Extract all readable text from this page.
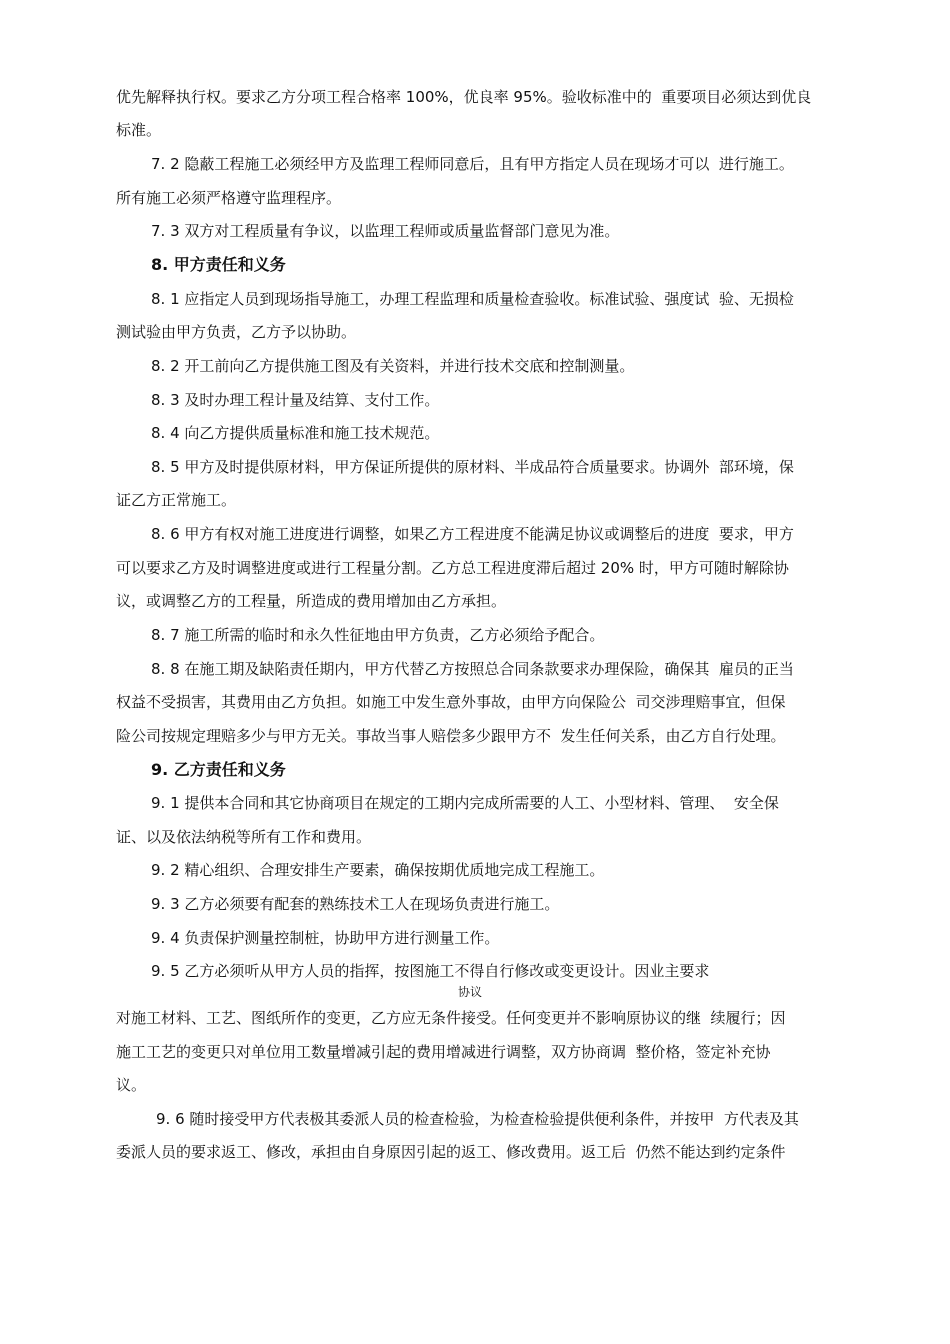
优先解释执行权。要求乙方分项工程合格率 100%，优良率 95%。验收标准中的  重要项目必须达到优良
标准。
7. 2 隐蔽工程施工必须经甲方及监理工程师同意后，且有甲方指定人员在现场才可以  进行施工。
所有施工必须严格遵守监理程序。
7. 3 双方对工程质量有争议，以监理工程师或质量监督部门意见为准。
8. 甲方责任和义务
8. 1 应指定人员到现场指导施工，办理工程监理和质量检查验收。标准试验、强度试  验、无损检
测试验由甲方负责，乙方予以协助。
8. 2 开工前向乙方提供施工图及有关资料，并进行技术交底和控制测量。
8. 3 及时办理工程计量及结算、支付工作。
8. 4 向乙方提供质量标准和施工技术规范。
8. 5 甲方及时提供原材料，甲方保证所提供的原材料、半成品符合质量要求。协调外  部环境，保
证乙方正常施工。
8. 6 甲方有权对施工进度进行调整，如果乙方工程进度不能满足协议或调整后的进度  要求，甲方
可以要求乙方及时调整进度或进行工程量分割。乙方总工程进度滞后超过 20% 时，甲方可随时解除协
议，或调整乙方的工程量，所造成的费用增加由乙方承担。
8. 7 施工所需的临时和永久性征地由甲方负责，乙方必须给予配合。
8. 8 在施工期及缺陷责任期内，甲方代替乙方按照总合同条款要求办理保险，确保其  雇员的正当
权益不受损害，其费用由乙方负担。如施工中发生意外事故，由甲方向保险公  司交涉理赔事宜，但保
险公司按规定理赔多少与甲方无关。事故当事人赔偿多少跟甲方不  发生任何关系，由乙方自行处理。
9. 乙方责任和义务
9. 1 提供本合同和其它协商项目在规定的工期内完成所需要的人工、小型材料、管理、  安全保
证、以及依法纳税等所有工作和费用。
9. 2 精心组织、合理安排生产要素，确保按期优质地完成工程施工。
9. 3 乙方必须要有配套的熟练技术工人在现场负责进行施工。
9. 4 负责保护测量控制桩，协助甲方进行测量工作。
9. 5 乙方必须听从甲方人员的指挥，按图施工不得自行修改或变更设计。因业主要求
协议
对施工材料、工艺、图纸所作的变更，乙方应无条件接受。任何变更并不影响原协议的继  续履行；因
施工工艺的变更只对单位用工数量增减引起的费用增减进行调整，双方协商调  整价格，签定补充协
议。
9. 6 随时接受甲方代表极其委派人员的检查检验，为检查检验提供便利条件，并按甲  方代表及其
委派人员的要求返工、修改，承担由自身原因引起的返工、修改费用。返工后  仍然不能达到约定条件
